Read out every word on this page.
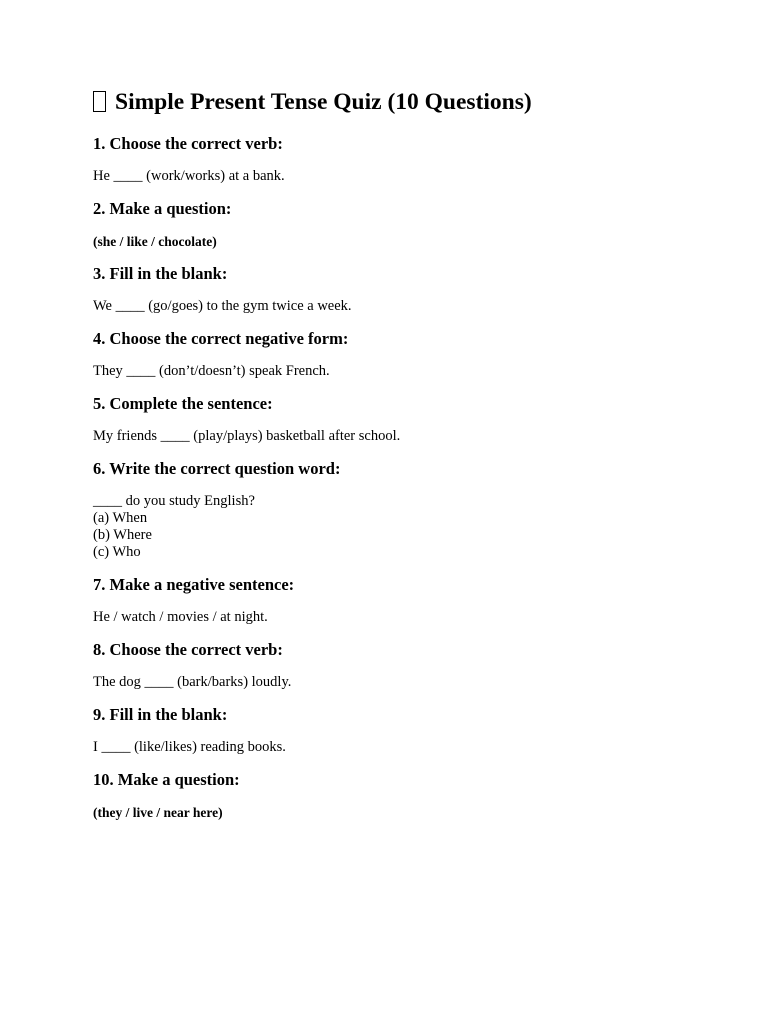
Simple Present Tense Quiz (10 Questions)
1. Choose the correct verb:
He ____ (work/works) at a bank.
2. Make a question:
(she / like / chocolate)
3. Fill in the blank:
We ____ (go/goes) to the gym twice a week.
4. Choose the correct negative form:
They ____ (don’t/doesn’t) speak French.
5. Complete the sentence:
My friends ____ (play/plays) basketball after school.
6. Write the correct question word:
____ do you study English?
(a) When
(b) Where
(c) Who
7. Make a negative sentence:
He / watch / movies / at night.
8. Choose the correct verb:
The dog ____ (bark/barks) loudly.
9. Fill in the blank:
I ____ (like/likes) reading books.
10. Make a question:
(they / live / near here)
